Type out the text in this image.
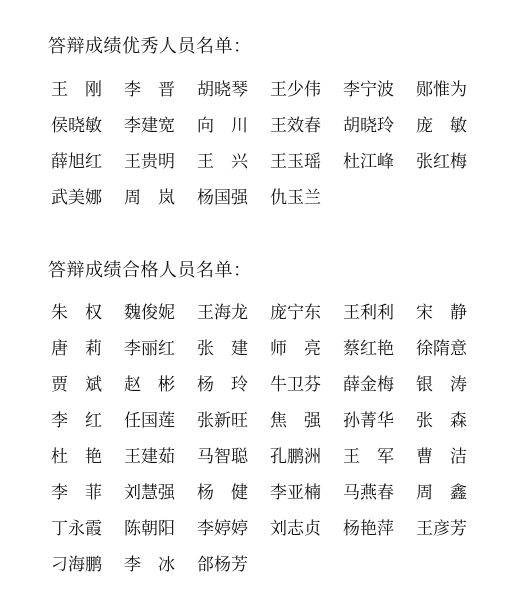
答辩成绩优秀人员名单：
王　刚	李　晋	胡晓琴	王少伟	李宁波	郧惟为
侯晓敏	李建宽	向　川	王效春	胡晓玲	庞　敏
薛旭红	王贵明	王　兴	王玉瑶	杜江峰	张红梅
武美娜	周　岚	杨国强	仇玉兰
答辩成绩合格人员名单：
朱　权	魏俊妮	王海龙	庞宁东	王利利	宋　静
唐　莉	李丽红	张　建	师　亮	蔡红艳	徐隋意
贾　斌	赵　彬	杨　玲	牛卫芬	薛金梅	银　涛
李　红	任国莲	张新旺	焦　强	孙菁华	张　森
杜　艳	王建茹	马智聪	孔鹏洲	王　军	曹　洁
李　菲	刘慧强	杨　健	李亚楠	马燕春	周　鑫
丁永霞	陈朝阳	李婷婷	刘志贞	杨艳萍	王彦芳
刁海鹏	李　冰	郃杨芳
